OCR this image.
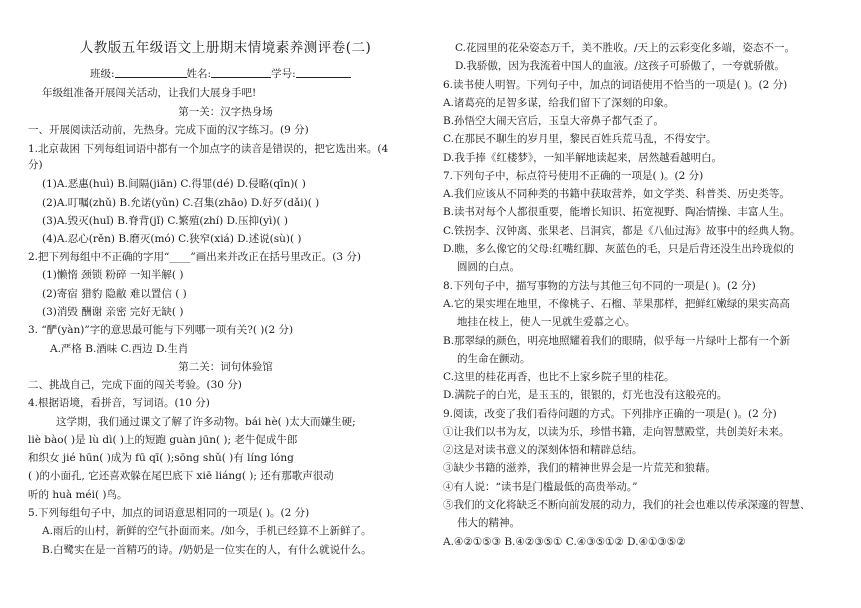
人教版五年级语文上册期末情境素养测评卷(二)
班级:	姓名:	学号:
年级组准备开展闯关活动，让我们大展身手吧!
第一关：汉字热身场
一、开展阅读活动前，先热身。完成下面的汉字练习。(9 分)
1.北京裁困 下列每组词语中都有一个加点字的读音是错误的，把它选出来。(4
分)
(1)A.恶惠(huì) B.间隔(jiān) C.得罪(dé) D.侵略(qīn)( )
(2)A.叮嘱(zhǔ) B.允诺(yǔn) C.召集(zhāo) D.好歹(dǎi)( )
(3)A.毁灭(huǐ) B.脊背(jǐ) C.繁殖(zhí) D.压抑(yì)( )
(4)A.忍心(rěn) B.磨灭(mó) C.狭窄(xiá) D.述说(sù)( )
2.把下列每组中不正确的字用“____”画出来并改正在括号里改正。(3 分)
(1)懒惰 颈锁 粉碎 一知半解( )
(2)寄宿 猎豹 隐敝 难以置信 ( )
(3)消毁 酬谢 亲密 完好无缺( )
3. “酽(yàn)”字的意思最可能与下列哪一项有关?( )(2 分)
A.严格 B.酒味 C.西边 D.生肖
第二关：词句体验馆
二、挑战自己，完成下面的闯关考验。(30 分)
4.根据语境，看拼音，写词语。(10 分)
这学期，我们通过课文了解了许多动物。bái hè( )太大而嫌生硬;
liè bào( )是 lù dì( )上的短跑 guàn jūn( ); 老牛促成牛郎
和织女 jié hūn( )成为 fū qī( );sōng shǔ( )有 líng lóng
( )的小面孔, 它还喜欢躲在尾巴底下 xiē liáng( ); 还有那歌声很动
听的 huà méi( )鸟。
5.下列每组句子中，加点的词语意思相同的一项是( )。(2 分)
A.雨后的山村，新鲜的空气扑面而来。/如今，手机已经算不上新鲜了。
B.白鹭实在是一首精巧的诗。/奶奶是一位实在的人，有什么就说什么。
C.花园里的花朵姿态万千，美不胜收。/天上的云彩变化多端，姿态不一。
D.我骄傲，因为我流着中国人的血液。/这孩子可骄傲了，一夸就骄傲。
6.读书使人明智。下列句子中，加点的词语使用不恰当的一项是( )。(2 分)
A.诸葛亮的足智多谋，给我们留下了深刻的印象。
B.孙悟空大闹天宫后，玉皇大帝鼻子都气歪了。
C.在那民不聊生的岁月里，黎民百姓兵荒马乱，不得安宁。
D.我手捧《红楼梦》，一知半解地读起来，居然越看越明白。
7.下列句子中，标点符号使用不正确的一项是( )。(2 分)
A.我们应该从不同种类的书籍中获取营养，如文学类、科普类、历史类等。
B.读书对每个人都很重要，能增长知识、拓宽视野、陶冶情操、丰富人生。
C.铁拐李、汉钟离、张果老、吕洞宾，都是《八仙过海》故事中的经典人物。
D.瞧，多么像它的父母:红嘴红脚、灰蓝色的毛，只是后背还没生出玲珑似的
圆圆的白点。
8.下列句子中，描写事物的方法与其他三句不同的一项是( )。(2 分)
A.它的果实埋在地里，不像桃子、石榴、苹果那样，把鲜红嫩绿的果实高高
地挂在枝上，使人一见就生爱慕之心。
B.那翠绿的颜色，明亮地照耀着我们的眼睛，似乎每一片绿叶上都有一个新
的生命在颤动。
C.这里的桂花再香，也比不上家乡院子里的桂花。
D.满院子的白光，是玉玉的，银银的，灯光也没有这般亮的。
9.阅读，改变了我们看待问题的方式。下列排序正确的一项是( )。(2 分)
①让我们以书为友，以读为乐，珍惜书籍，走向智慧殿堂，共创美好未来。
②这是对读书意义的深刻体悟和精辟总结。
③缺少书籍的滋养，我们的精神世界会是一片荒芜和狼藉。
④有人说：“读书是门槛最低的高贵举动。”
⑤我们的文化将缺乏不断向前发展的动力，我们的社会也难以传承深邃的智慧、
伟大的精神。
A.④②①⑤③ B.④②③⑤① C.④③⑤①② D.④①③⑤②
